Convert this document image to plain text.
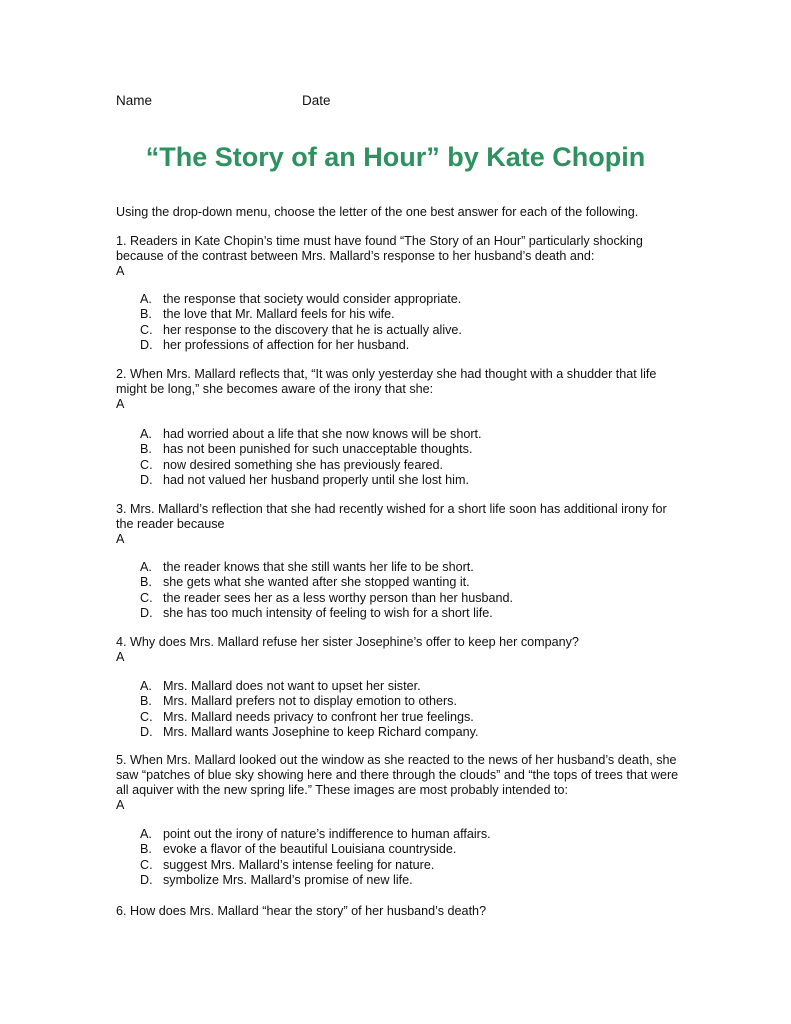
Name	Date
“The Story of an Hour” by Kate Chopin
Using the drop-down menu, choose the letter of the one best answer for each of the following.
1. Readers in Kate Chopin’s time must have found “The Story of an Hour” particularly shocking because of the contrast between Mrs. Mallard’s response to her husband’s death and:
A
A. the response that society would consider appropriate.
B. the love that Mr. Mallard feels for his wife.
C. her response to the discovery that he is actually alive.
D. her professions of affection for her husband.
2. When Mrs. Mallard reflects that, “It was only yesterday she had thought with a shudder that life might be long,” she becomes aware of the irony that she:
A
A. had worried about a life that she now knows will be short.
B. has not been punished for such unacceptable thoughts.
C. now desired something she has previously feared.
D. had not valued her husband properly until she lost him.
3. Mrs. Mallard’s reflection that she had recently wished for a short life soon has additional irony for the reader because
A
A. the reader knows that she still wants her life to be short.
B. she gets what she wanted after she stopped wanting it.
C. the reader sees her as a less worthy person than her husband.
D. she has too much intensity of feeling to wish for a short life.
4. Why does Mrs. Mallard refuse her sister Josephine’s offer to keep her company?
A
A. Mrs. Mallard does not want to upset her sister.
B. Mrs. Mallard prefers not to display emotion to others.
C. Mrs. Mallard needs privacy to confront her true feelings.
D. Mrs. Mallard wants Josephine to keep Richard company.
5. When Mrs. Mallard looked out the window as she reacted to the news of her husband’s death, she saw “patches of blue sky showing here and there through the clouds” and “the tops of trees that were all aquiver with the new spring life.” These images are most probably intended to:
A
A. point out the irony of nature’s indifference to human affairs.
B. evoke a flavor of the beautiful Louisiana countryside.
C. suggest Mrs. Mallard’s intense feeling for nature.
D. symbolize Mrs. Mallard’s promise of new life.
6. How does Mrs. Mallard “hear the story” of her husband’s death?
